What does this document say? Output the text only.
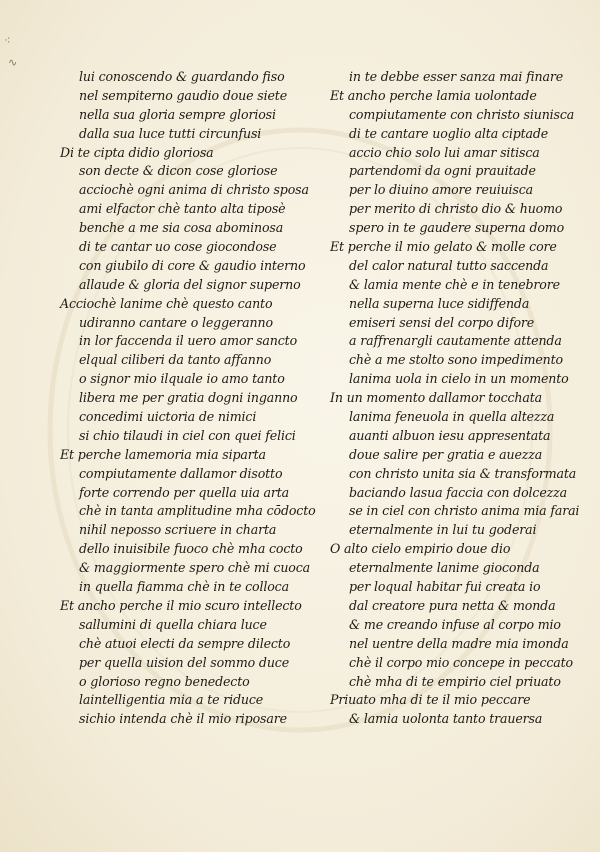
⁖
∿
lui conoscendo & guardando fiso
nel sempiterno gaudio doue siete
nella sua gloria sempre gloriosi
dalla sua luce tutti circunfusi
Di te cipta didio gloriosa
son decte & dicon cose gloriose
acciochè ogni anima di christo sposa
ami elfactor chè tanto alta tiposè
benche a me sia cosa abominosa
di te cantar uo cose giocondose
con giubilo di core & gaudio interno
allaude & gloria del signor superno
Acciochè lanime chè questo canto
udiranno cantare o leggeranno
in lor faccenda il uero amor sancto
elqual ciliberi da tanto affanno
o signor mio ilquale io amo tanto
libera me per gratia dogni inganno
concedimi uictoria de nimici
si chio tilaudi in ciel con quei felici
Et perche lamemoria mia siparta
compiutamente dallamor disotto
forte correndo per quella uia arta
chè in tanta amplitudine mha cōdocto
nihil neposso scriuere in charta
dello inuisibile fuoco chè mha cocto
& maggiormente spero chè mi cuoca
in quella fiamma chè in te colloca
Et ancho perche il mio scuro intellecto
sallumini di quella chiara luce
chè atuoi electi da sempre dilecto
per quella uision del sommo duce
o glorioso regno benedecto
laintelligentia mia a te riduce
sichio intenda chè il mio riposare
in te debbe esser sanza mai finare
Et ancho perche lamia uolontade
compiutamente con christo siunisca
di te cantare uoglio alta ciptade
accio chio solo lui amar sitisca
partendomi da ogni prauitade
per lo diuino amore reuiuisca
per merito di christo dio & huomo
spero in te gaudere superna domo
Et perche il mio gelato & molle core
del calor natural tutto saccenda
& lamia mente chè e in tenebrore
nella superna luce sidiffenda
emiseri sensi del corpo difore
a raffrenargli cautamente attenda
chè a me stolto sono impedimento
lanima uola in cielo in un momento
In un momento dallamor tocchata
lanima feneuola in quella altezza
auanti albuon iesu appresentata
doue salire per gratia e auezza
con christo unita sia & transformata
baciando lasua faccia con dolcezza
se in ciel con christo anima mia farai
eternalmente in lui tu goderai
O alto cielo empirio doue dio
eternalmente lanime gioconda
per loqual habitar fui creata io
dal creatore pura netta & monda
& me creando infuse al corpo mio
nel uentre della madre mia imonda
chè il corpo mio concepe in peccato
chè mha di te empirio ciel priuato
Priuato mha di te il mio peccare
& lamia uolonta tanto trauersa
